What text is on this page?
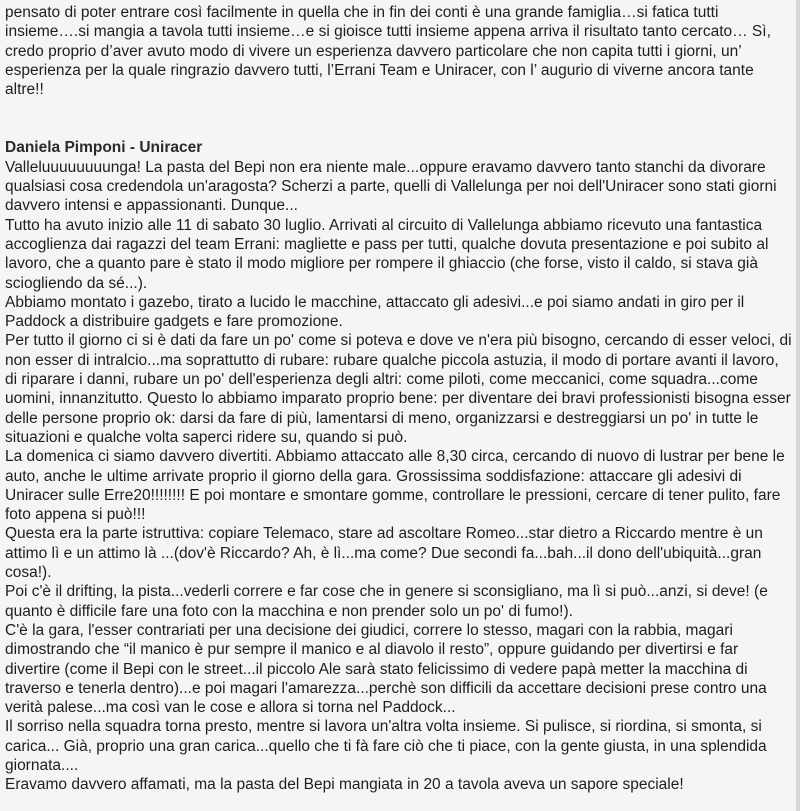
pensato di poter entrare così facilmente in quella che in fin dei conti è una grande famiglia…si fatica tutti insieme….si mangia a tavola tutti insieme…e si gioisce tutti insieme appena arriva il risultato tanto cercato… Sì, credo proprio d’aver avuto modo di vivere un esperienza davvero particolare che non capita tutti i giorni, un’ esperienza per la quale ringrazio davvero tutti, l’Errani Team e Uniracer, con l’ augurio di viverne ancora tante altre!!

Daniela Pimponi - Uniracer

Valleluuuuuuuunga! La pasta del Bepi non era niente male...oppure eravamo davvero tanto stanchi da divorare qualsiasi cosa credendola un'aragosta? Scherzi a parte, quelli di Vallelunga per noi dell'Uniracer sono stati giorni davvero intensi e appassionanti. Dunque...

Tutto ha avuto inizio alle 11 di sabato 30 luglio. Arrivati al circuito di Vallelunga abbiamo ricevuto una fantastica accoglienza dai ragazzi del team Errani: magliette e pass per tutti, qualche dovuta presentazione e poi subito al lavoro, che a quanto pare è stato il modo migliore per rompere il ghiaccio (che forse, visto il caldo, si stava già sciogliendo da sé...).

Abbiamo montato i gazebo, tirato a lucido le macchine, attaccato gli adesivi...e poi siamo andati in giro per il Paddock a distribuire gadgets e fare promozione.

Per tutto il giorno ci si è dati da fare un po' come si poteva e dove ve n'era più bisogno, cercando di esser veloci, di non esser di intralcio...ma soprattutto di rubare: rubare qualche piccola astuzia, il modo di portare avanti il lavoro, di riparare i danni, rubare un po' dell'esperienza degli altri: come piloti, come meccanici, come squadra...come uomini, innanzitutto. Questo lo abbiamo imparato proprio bene: per diventare dei bravi professionisti bisogna esser delle persone proprio ok: darsi da fare di più, lamentarsi di meno, organizzarsi e destreggiarsi un po' in tutte le situazioni e qualche volta saperci ridere su, quando si può.

La domenica ci siamo davvero divertiti. Abbiamo attaccato alle 8,30 circa, cercando di nuovo di lustrar per bene le auto, anche le ultime arrivate proprio il giorno della gara. Grossissima soddisfazione: attaccare gli adesivi di Uniracer sulle Erre20!!!!!!!! E poi montare e smontare gomme, controllare le pressioni, cercare di tener pulito, fare foto appena si può!!!

Questa era la parte istruttiva: copiare Telemaco, stare ad ascoltare Romeo...star dietro a Riccardo mentre è un attimo lì e un attimo là ...(dov'è Riccardo? Ah, è lì...ma come? Due secondi fa...bah...il dono dell'ubiquità...gran cosa!).

Poi c'è il drifting, la pista...vederli correre e far cose che in genere si sconsigliano, ma lì si può...anzi, si deve! (e quanto è difficile fare una foto con la macchina e non prender solo un po' di fumo!).

C'è la gara, l'esser contrariati per una decisione dei giudici, correre lo stesso, magari con la rabbia, magari dimostrando che “il manico è pur sempre il manico e al diavolo il resto”, oppure guidando per divertirsi e far divertire (come il Bepi con le street...il piccolo Ale sarà stato felicissimo di vedere papà metter la macchina di traverso e tenerla dentro)...e poi magari l'amarezza...perchè son difficili da accettare decisioni prese contro una verità palese...ma così van le cose e allora si torna nel Paddock...

Il sorriso nella squadra torna presto, mentre si lavora un'altra volta insieme. Si pulisce, si riordina, si smonta, si carica... Già, proprio una gran carica...quello che ti fà fare ciò che ti piace, con la gente giusta, in una splendida giornata....

Eravamo davvero affamati, ma la pasta del Bepi mangiata in 20 a tavola aveva un sapore speciale!
